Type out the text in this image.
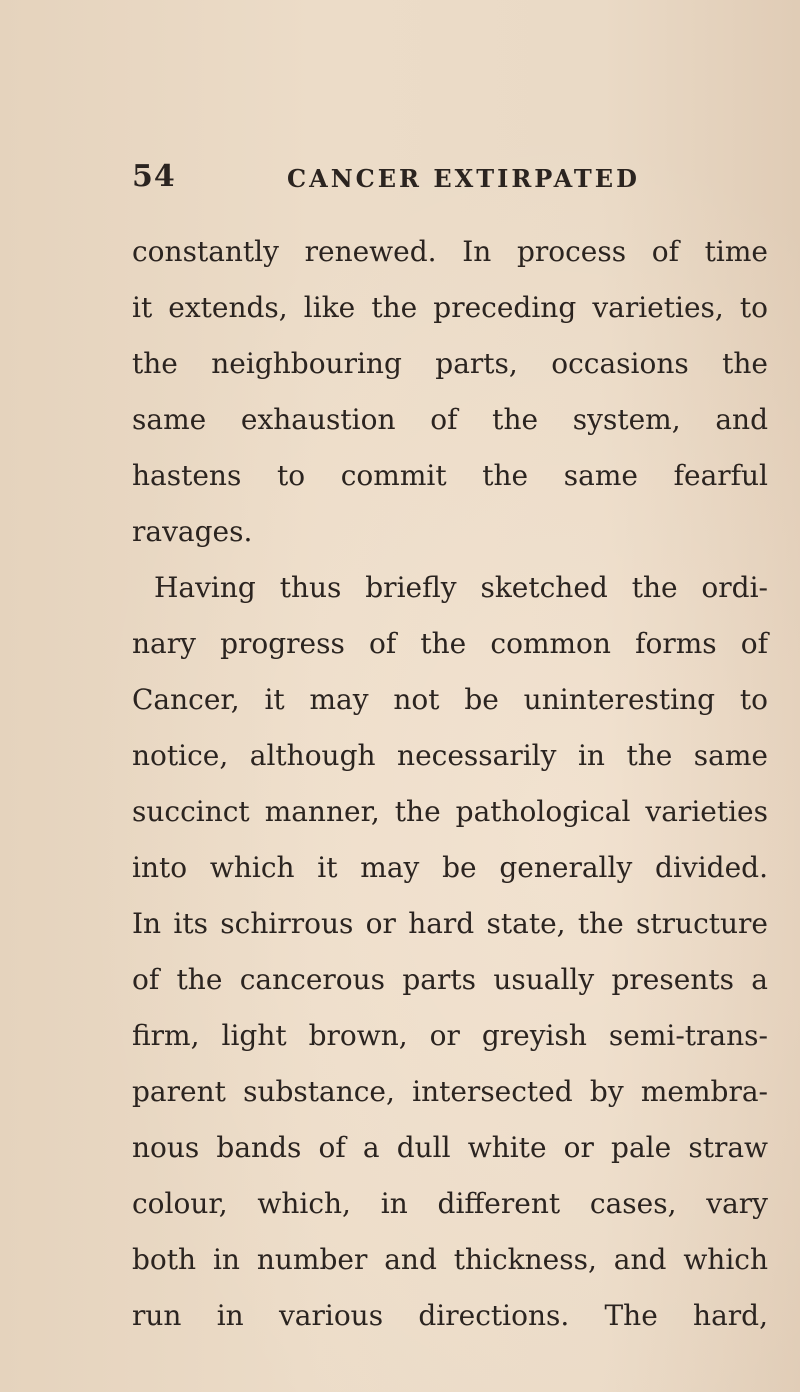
54	CANCER EXTIRPATED
constantly renewed. In process of time
it extends, like the preceding varieties, to
the neighbouring parts, occasions the
same exhaustion of the system, and
hastens to commit the same fearful
ravages.
Having thus briefly sketched the ordi-
nary progress of the common forms of
Cancer, it may not be uninteresting to
notice, although necessarily in the same
succinct manner, the pathological varieties
into which it may be generally divided.
In its schirrous or hard state, the structure
of the cancerous parts usually presents a
firm, light brown, or greyish semi-trans-
parent substance, intersected by membra-
nous bands of a dull white or pale straw
colour, which, in different cases, vary
both in number and thickness, and which
run in various directions. The hard,
